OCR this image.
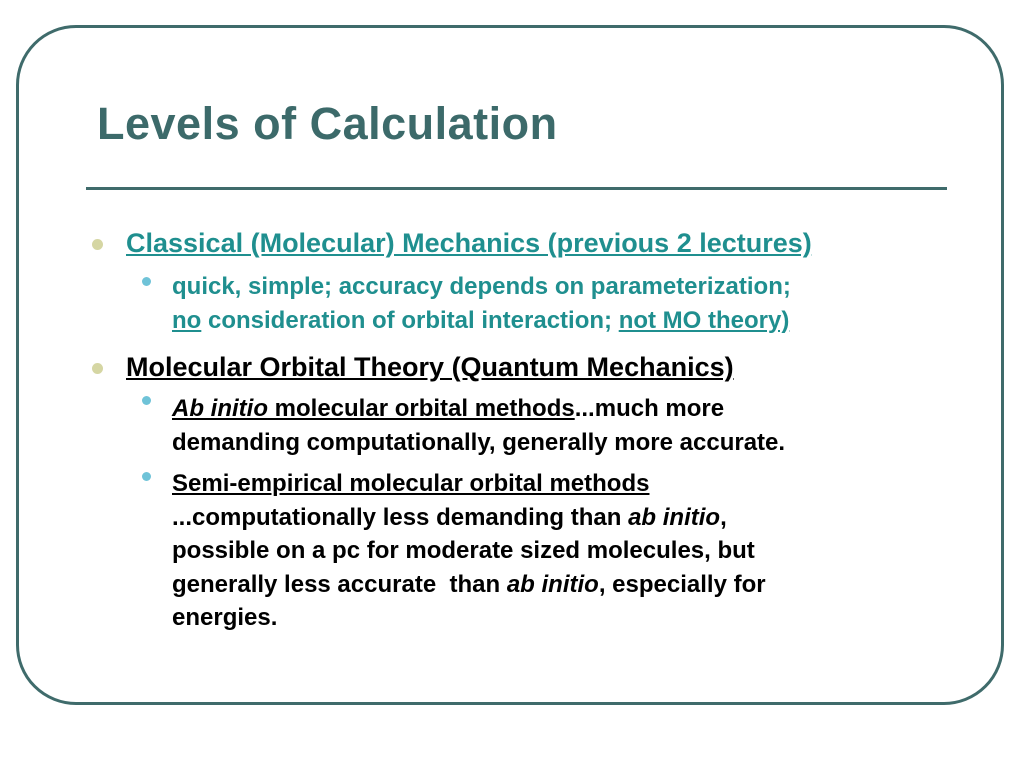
Levels of Calculation
Classical (Molecular) Mechanics (previous 2 lectures)
quick, simple; accuracy depends on parameterization;
no consideration of orbital interaction; not MO theory)
Molecular Orbital Theory (Quantum Mechanics)
Ab initio molecular orbital methods...much more
demanding computationally, generally more accurate.
Semi-empirical molecular orbital methods
...computationally less demanding than ab initio,
possible on a pc for moderate sized molecules, but
generally less accurate  than ab initio, especially for
energies.
